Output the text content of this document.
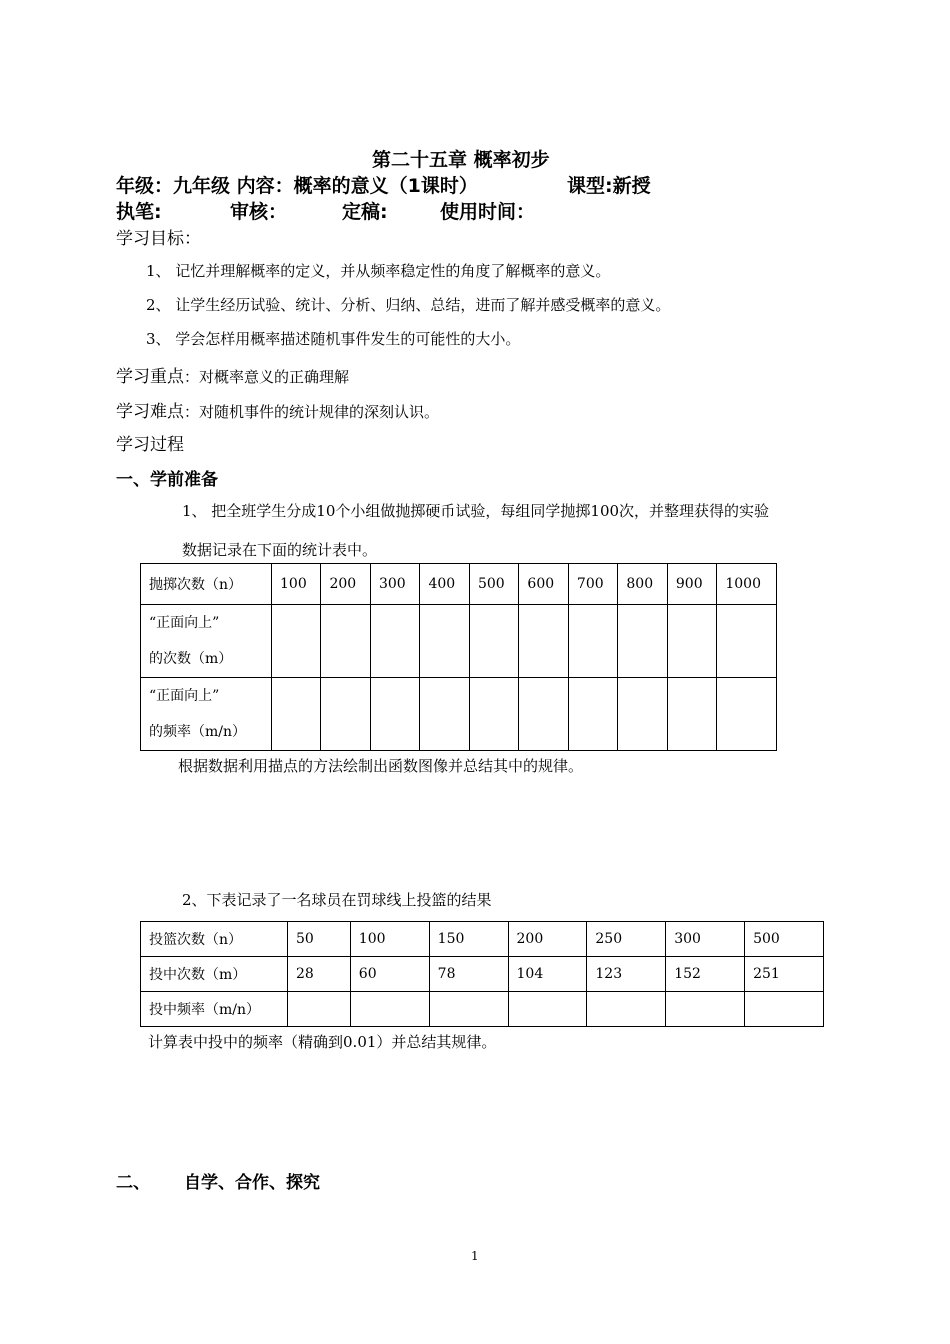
第二十五章 概率初步
年级：九年级 内容：概率的意义（1课时）	课型:新授
执笔:	审核：	定稿:	使用时间：
学习目标：
1、 记忆并理解概率的定义，并从频率稳定性的角度了解概率的意义。
2、 让学生经历试验、统计、分析、归纳、总结，进而了解并感受概率的意义。
3、 学会怎样用概率描述随机事件发生的可能性的大小。
学习重点：对概率意义的正确理解
学习难点：对随机事件的统计规律的深刻认识。
学习过程
一、学前准备
1、 把全班学生分成10个小组做抛掷硬币试验，每组同学抛掷100次，并整理获得的实验
数据记录在下面的统计表中。
抛掷次数（n）	100	200	300	400	500	600	700	800	900	1000

“正面向上”
的次数（m）										

“正面向上”
的频率（m/n）										

根据数据利用描点的方法绘制出函数图像并总结其中的规律。
2、下表记录了一名球员在罚球线上投篮的结果
投篮次数（n）	50	100	150	200	250	300	500
投中次数（m）	28	60	78	104	123	152	251
投中频率（m/n）							
计算表中投中的频率（精确到0.01）并总结其规律。
二、 自学、合作、探究
1
